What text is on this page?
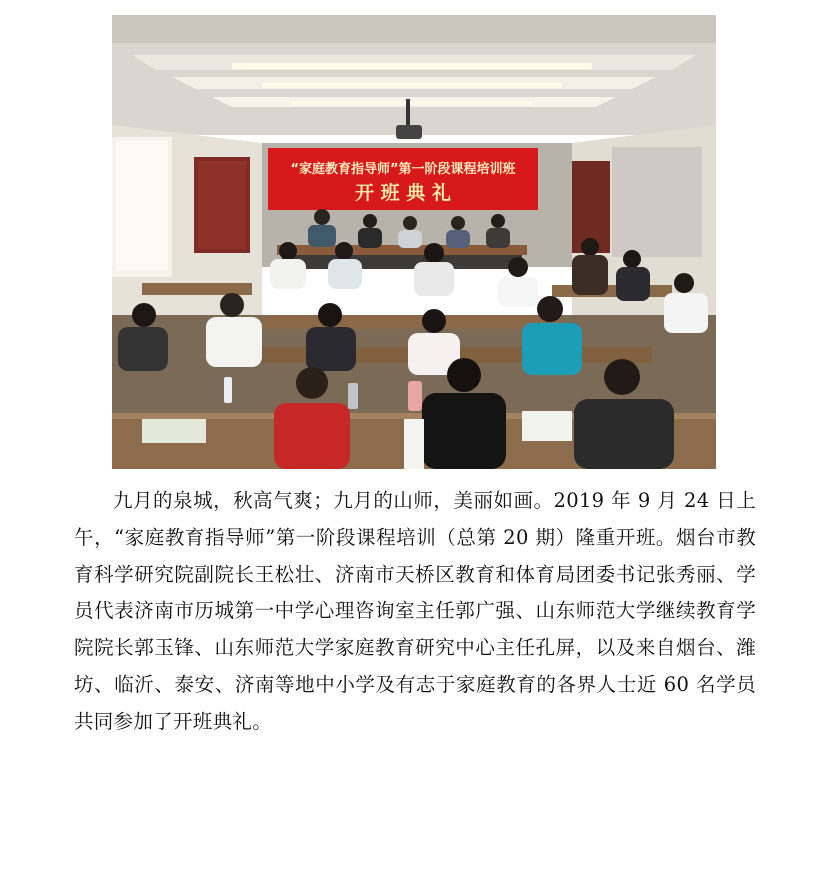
“家庭教育指导师”第一阶段课程培训班
开 班 典 礼

九月的泉城，秋高气爽；九月的山师，美丽如画。2019 年 9 月 24 日上午，“家庭教育指导师”第一阶段课程培训（总第 20 期）隆重开班。烟台市教育科学研究院副院长王松壮、济南市天桥区教育和体育局团委书记张秀丽、学员代表济南市历城第一中学心理咨询室主任郭广强、山东师范大学继续教育学院院长郭玉锋、山东师范大学家庭教育研究中心主任孔屏，以及来自烟台、潍坊、临沂、泰安、济南等地中小学及有志于家庭教育的各界人士近 60 名学员共同参加了开班典礼。
